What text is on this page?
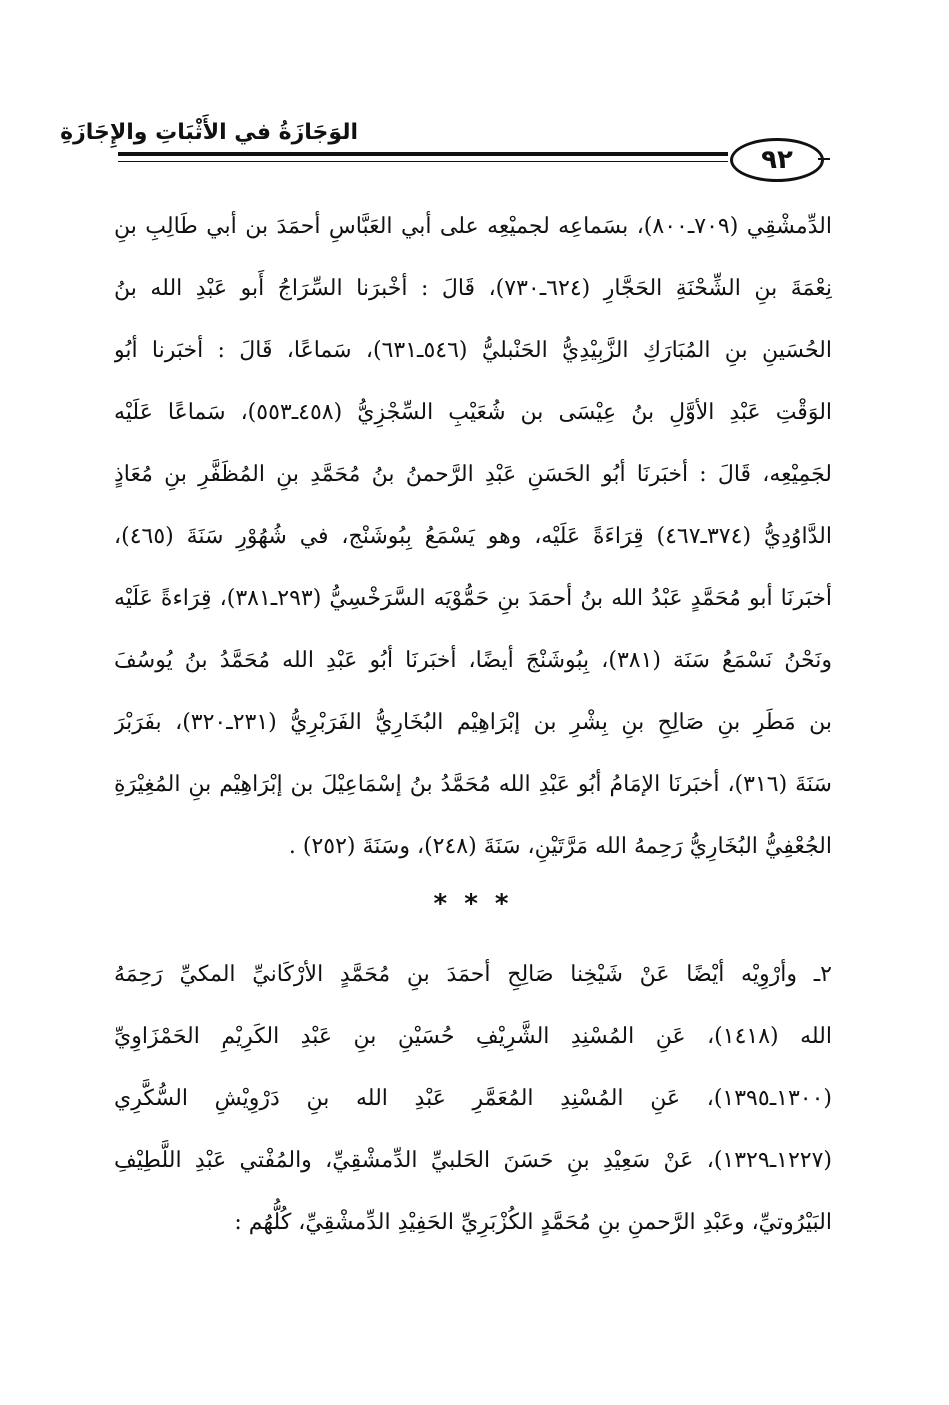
الوَجَازَةُ في الأَثْبَاتِ والإِجَازَةِ
٩٢
الدِّمشْقِي (٧٠٩ـ٨٠٠)، بسَماعِه لجميْعِه على أبي العَبَّاسِ أحمَدَ بن أبي طَالِبِ بنِ
نِعْمَةَ بنِ الشِّحْنَةِ الحَجَّارِ (٦٢٤ـ٧٣٠)، قَالَ : أخْبرَنا السِّرَاجُ أَبو عَبْدِ الله بنُ
الحُسَينِ بنِ المُبَارَكِ الزَّبِيْدِيُّ الحَنْبليُّ (٥٤٦ـ٦٣١)، سَماعًا، قَالَ : أخبَرنا أبُو
الوَقْتِ عَبْدِ الأوَّلِ بنُ عِيْسَى بن شُعَيْبِ السِّجْزِيُّ (٤٥٨ـ٥٥٣)، سَماعًا عَلَيْه
لجَمِيْعِه، قَالَ : أخبَرنَا أبُو الحَسَنِ عَبْدِ الرَّحمنُ بنُ مُحَمَّدِ بنِ المُظَفَّرِ بنِ مُعَاذٍ
الدَّاوُدِيُّ (٣٧٤ـ٤٦٧) قِرَاءَةً عَلَيْه، وهو يَسْمَعُ بِبُوشَنْج، في شُهُوْرِ سَنَةَ (٤٦٥)،
أخبَرنَا أبو مُحَمَّدٍ عَبْدُ الله بنُ أحمَدَ بنِ حَمُّوْيَه السَّرَخْسِيُّ (٢٩٣ـ٣٨١)، قِرَاءةً عَلَيْه
ونَحْنُ نَسْمَعُ سَنَة (٣٨١)، بِبُوشَنْجَ أيضًا، أخبَرنَا أبُو عَبْدِ الله مُحَمَّدُ بنُ يُوسُفَ
بن مَطَرِ بنِ صَالِحِ بنِ بِشْرِ بن إبْرَاهِيْم البُخَارِيُّ الفَرَبْرِيُّ (٢٣١ـ٣٢٠)، بفَرَبْرَ
سَنَةَ (٣١٦)، أخبَرنَا الإمَامُ أبُو عَبْدِ الله مُحَمَّدُ بنُ إسْمَاعِيْلَ بن إبْرَاهِيْم بنِ المُغِيْرَةِ
الجُعْفِيُّ البُخَارِيُّ رَحِمهُ الله مَرَّتَيْنِ، سَنَةَ (٢٤٨)، وسَنَةَ (٢٥٢) .
* * *
٢ـ وأرْوِيْه أيْضًا عَنْ شَيْخِنا صَالِحِ أحمَدَ بنِ مُحَمَّدٍ الأرْكَانيِّ المكيِّ رَحِمَهُ
الله (١٤١٨)، عَنِ المُسْنِدِ الشَّرِيْفِ حُسَيْنِ بنِ عَبْدِ الكَرِيْمِ الحَمْزَاوِيِّ
(١٣٠٠ـ١٣٩٥)، عَنِ المُسْنِدِ المُعَمَّرِ عَبْدِ الله بنِ دَرْوِيْشِ السُّكَّرِي
(١٢٢٧ـ١٣٢٩)، عَنْ سَعِيْدِ بنِ حَسَنَ الحَلبيِّ الدِّمشْقِيِّ، والمُفْتي عَبْدِ اللَّطِيْفِ
البَيْرُوتيِّ، وعَبْدِ الرَّحمنِ بنِ مُحَمَّدٍ الكُزْبَرِيِّ الحَفِيْدِ الدِّمشْقِيِّ، كُلُّهُم :
